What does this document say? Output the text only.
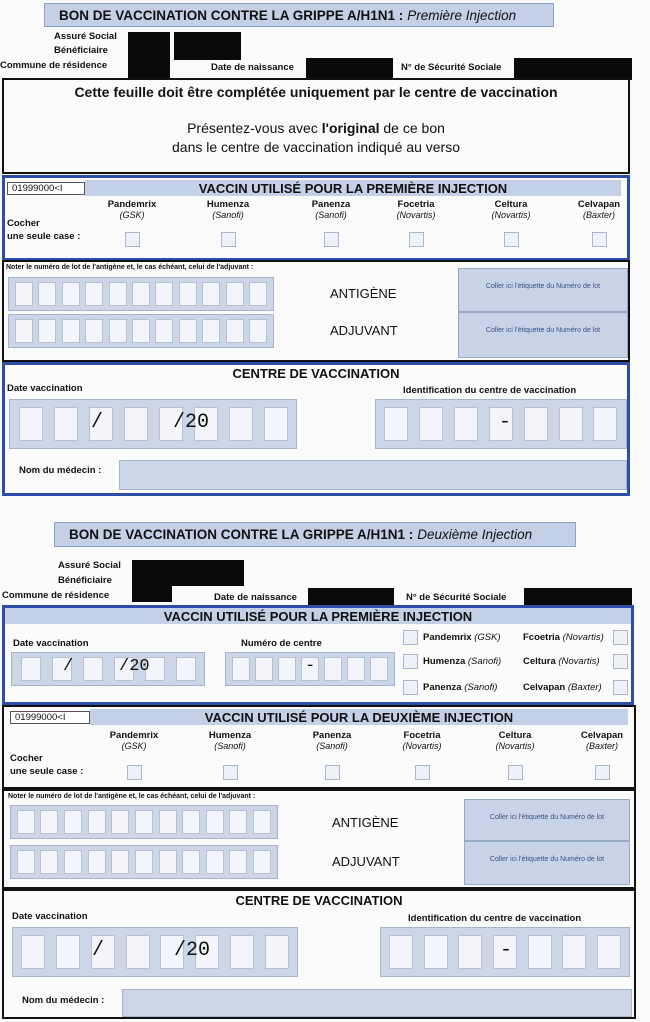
BON DE VACCINATION CONTRE LA GRIPPE A/H1N1 : Première Injection
Assuré Social
Bénéficiaire
Commune de résidence	Date de naissance	N° de Sécurité Sociale
Cette feuille doit être complétée uniquement par le centre de vaccination
Présentez-vous avec l'original de ce bon
dans le centre de vaccination indiqué au verso
VACCIN UTILISÉ POUR LA PREMIÈRE INJECTION
01999000<I
Cocher
une seule case :
Pandemrix
(GSK)
Humenza
(Sanofi)
Panenza
(Sanofi)
Focetria
(Novartis)
Celtura
(Novartis)
Celvapan
(Baxter)
Noter le numéro de lot de l'antigène et, le cas échéant, celui de l'adjuvant :
ANTIGÈNE	Coller ici l'étiquette du Numéro de lot
ADJUVANT	Coller ici l'étiquette du Numéro de lot
CENTRE DE VACCINATION
Date vaccination	Identification du centre de vaccination
/	/20	-
Nom du médecin :
BON DE VACCINATION CONTRE LA GRIPPE A/H1N1 : Deuxième Injection
Assuré Social
Bénéficiaire
Commune de résidence	Date de naissance	N° de Sécurité Sociale
VACCIN UTILISÉ POUR LA PREMIÈRE INJECTION
Date vaccination	Numéro de centre
/	/20	-
Pandemrix (GSK) Fcoetria (Novartis)
Humenza (Sanofi) Celtura (Novartis)
Panenza (Sanofi)	Celvapan (Baxter)
VACCIN UTILISÉ POUR LA DEUXIÈME INJECTION
01999000<I
Cocher
une seule case :
Pandemrix
(GSK)
Humenza
(Sanofi)
Panenza
(Sanofi)
Focetria
(Novartis)
Celtura
(Novartis)
Celvapan
(Baxter)
Noter le numéro de lot de l'antigène et, le cas échéant, celui de l'adjuvant :
ANTIGÈNE	Coller ici l'étiquette du Numéro de lot
ADJUVANT	Coller ici l'étiquette du Numéro de lot
CENTRE DE VACCINATION
Date vaccination	Identification du centre de vaccination
/	/20	-
Nom du médecin :
